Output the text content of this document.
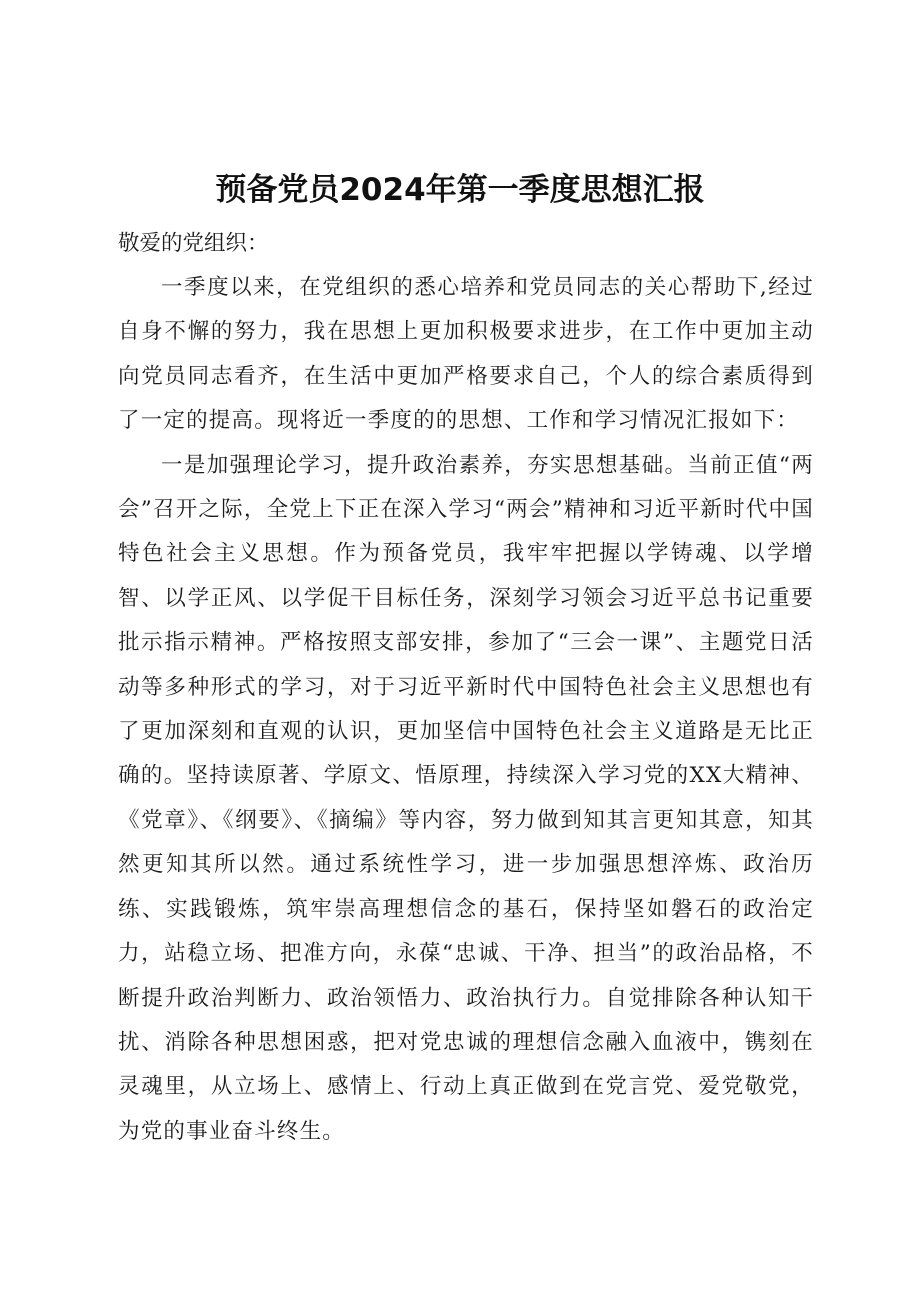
预备党员2024年第一季度思想汇报

敬爱的党组织：

一季度以来，在党组织的悉心培养和党员同志的关心帮助下,经过自身不懈的努力，我在思想上更加积极要求进步，在工作中更加主动向党员同志看齐，在生活中更加严格要求自己，个人的综合素质得到了一定的提高。现将近一季度的的思想、工作和学习情况汇报如下：

一是加强理论学习，提升政治素养，夯实思想基础。当前正值“两会”召开之际，全党上下正在深入学习“两会”精神和习近平新时代中国特色社会主义思想。作为预备党员，我牢牢把握以学铸魂、以学增智、以学正风、以学促干目标任务，深刻学习领会习近平总书记重要批示指示精神。严格按照支部安排，参加了“三会一课”、主题党日活动等多种形式的学习，对于习近平新时代中国特色社会主义思想也有了更加深刻和直观的认识，更加坚信中国特色社会主义道路是无比正确的。坚持读原著、学原文、悟原理，持续深入学习党的XX大精神、《党章》、《纲要》、《摘编》等内容，努力做到知其言更知其意，知其然更知其所以然。通过系统性学习，进一步加强思想淬炼、政治历练、实践锻炼，筑牢崇高理想信念的基石，保持坚如磐石的政治定力，站稳立场、把准方向，永葆“忠诚、干净、担当”的政治品格，不断提升政治判断力、政治领悟力、政治执行力。自觉排除各种认知干扰、消除各种思想困惑，把对党忠诚的理想信念融入血液中，镌刻在灵魂里，从立场上、感情上、行动上真正做到在党言党、爱党敬党，为党的事业奋斗终生。
